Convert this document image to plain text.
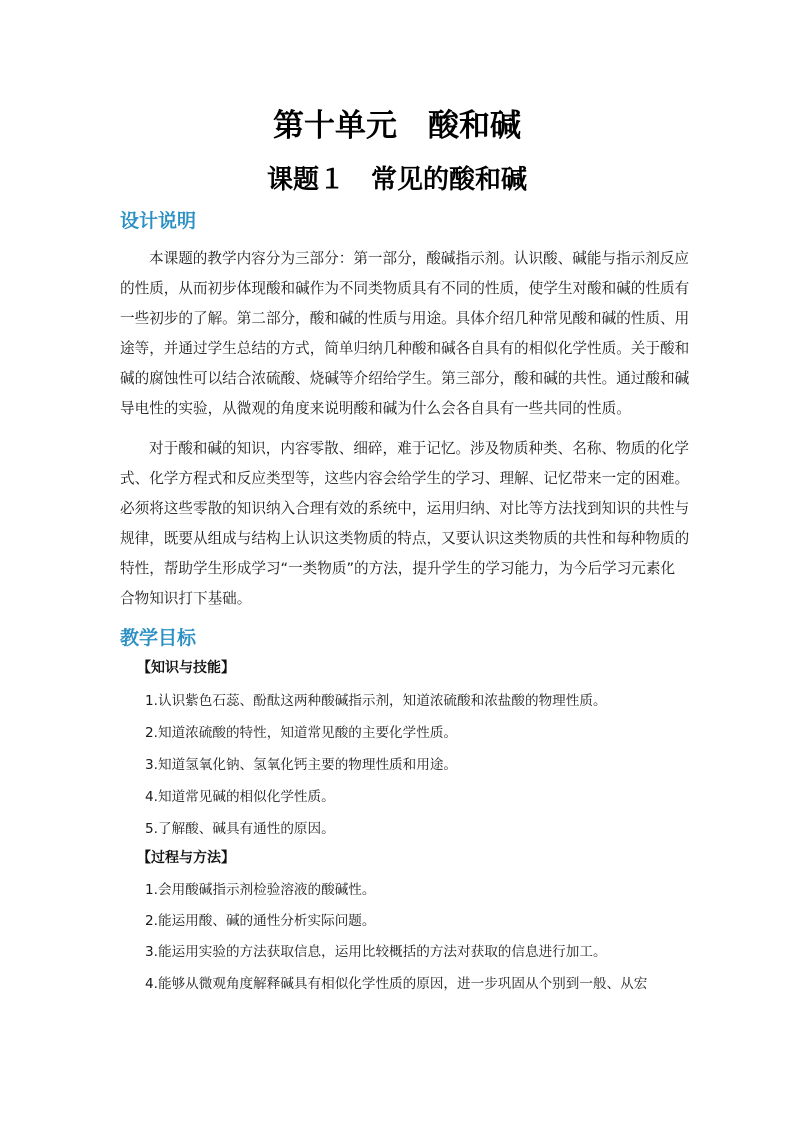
第十单元　酸和碱
课题１　常见的酸和碱
设计说明
本课题的教学内容分为三部分：第一部分，酸碱指示剂。认识酸、碱能与指示剂反应
的性质，从而初步体现酸和碱作为不同类物质具有不同的性质，使学生对酸和碱的性质有
一些初步的了解。第二部分，酸和碱的性质与用途。具体介绍几种常见酸和碱的性质、用
途等，并通过学生总结的方式，简单归纳几种酸和碱各自具有的相似化学性质。关于酸和
碱的腐蚀性可以结合浓硫酸、烧碱等介绍给学生。第三部分，酸和碱的共性。通过酸和碱
导电性的实验，从微观的角度来说明酸和碱为什么会各自具有一些共同的性质。
对于酸和碱的知识，内容零散、细碎，难于记忆。涉及物质种类、名称、物质的化学
式、化学方程式和反应类型等，这些内容会给学生的学习、理解、记忆带来一定的困难。
必须将这些零散的知识纳入合理有效的系统中，运用归纳、对比等方法找到知识的共性与
规律，既要从组成与结构上认识这类物质的特点，又要认识这类物质的共性和每种物质的
特性，帮助学生形成学习“一类物质”的方法，提升学生的学习能力，为今后学习元素化
合物知识打下基础。
教学目标
【知识与技能】
1.认识紫色石蕊、酚酞这两种酸碱指示剂，知道浓硫酸和浓盐酸的物理性质。
2.知道浓硫酸的特性，知道常见酸的主要化学性质。
3.知道氢氧化钠、氢氧化钙主要的物理性质和用途。
4.知道常见碱的相似化学性质。
5.了解酸、碱具有通性的原因。
【过程与方法】
1.会用酸碱指示剂检验溶液的酸碱性。
2.能运用酸、碱的通性分析实际问题。
3.能运用实验的方法获取信息，运用比较概括的方法对获取的信息进行加工。
4.能够从微观角度解释碱具有相似化学性质的原因，进一步巩固从个别到一般、从宏
